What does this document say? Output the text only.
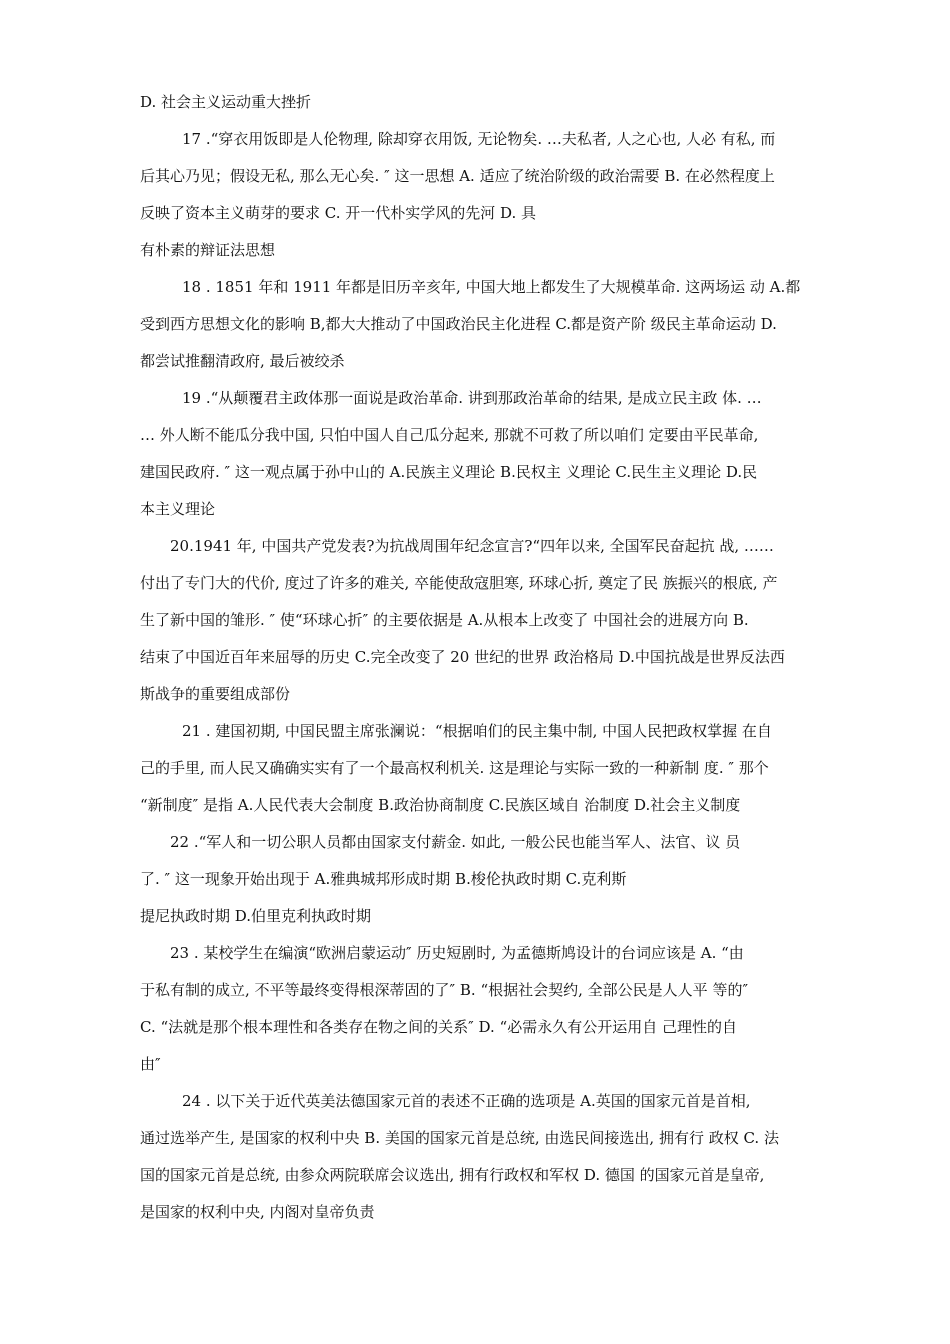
D. 社会主义运动重大挫折
17 .“穿衣用饭即是人伦物理, 除却穿衣用饭, 无论物矣. …夫私者, 人之心也, 人必 有私, 而
后其心乃见；假设无私, 那么无心矣. ″ 这一思想 A. 适应了统治阶级的政治需要 B. 在必然程度上
反映了资本主义萌芽的要求 C. 开一代朴实学风的先河 D. 具
有朴素的辩证法思想
18 . 1851 年和 1911 年都是旧历辛亥年, 中国大地上都发生了大规模革命. 这两场运 动 A.都
受到西方思想文化的影响 B,都大大推动了中国政治民主化进程 C.都是资产阶 级民主革命运动 D.
都尝试推翻清政府, 最后被绞杀
19 .“从颠覆君主政体那一面说是政治革命. 讲到那政治革命的结果, 是成立民主政 体. …
… 外人断不能瓜分我中国, 只怕中国人自己瓜分起来, 那就不可救了所以咱们 定要由平民革命,
建国民政府. ″ 这一观点属于孙中山的 A.民族主义理论 B.民权主 义理论 C.民生主义理论 D.民
本主义理论
20.1941 年, 中国共产党发表?为抗战周围年纪念宣言?“四年以来, 全国军民奋起抗 战, ……
付出了专门大的代价, 度过了许多的难关, 卒能使敌寇胆寒, 环球心折, 奠定了民 族振兴的根底, 产
生了新中国的雏形. ″ 使“环球心折″ 的主要依据是 A.从根本上改变了 中国社会的进展方向 B.
结束了中国近百年来屈辱的历史 C.完全改变了 20 世纪的世界 政治格局 D.中国抗战是世界反法西
斯战争的重要组成部份
21 . 建国初期, 中国民盟主席张澜说：“根据咱们的民主集中制, 中国人民把政权掌握 在自
己的手里, 而人民又确确实实有了一个最高权利机关. 这是理论与实际一致的一种新制 度. ″ 那个
“新制度″ 是指 A.人民代表大会制度 B.政治协商制度 C.民族区域自 治制度 D.社会主义制度
22 .“军人和一切公职人员都由国家支付薪金. 如此, 一般公民也能当军人、法官、议 员
了. ″ 这一现象开始出现于 A.雅典城邦形成时期 B.梭伦执政时期 C.克利斯
提尼执政时期 D.伯里克利执政时期
23 . 某校学生在编演“欧洲启蒙运动″ 历史短剧时, 为孟德斯鸠设计的台词应该是 A. “由
于私有制的成立, 不平等最终变得根深蒂固的了″ B. “根据社会契约, 全部公民是人人平 等的″
C. “法就是那个根本理性和各类存在物之间的关系″ D. “必需永久有公开运用自 己理性的自
由″
24 . 以下关于近代英美法德国家元首的表述不正确的选项是 A.英国的国家元首是首相,
通过选举产生, 是国家的权利中央 B. 美国的国家元首是总统, 由选民间接选出, 拥有行 政权 C. 法
国的国家元首是总统, 由参众两院联席会议选出, 拥有行政权和军权 D. 德国 的国家元首是皇帝,
是国家的权利中央, 内阁对皇帝负责
